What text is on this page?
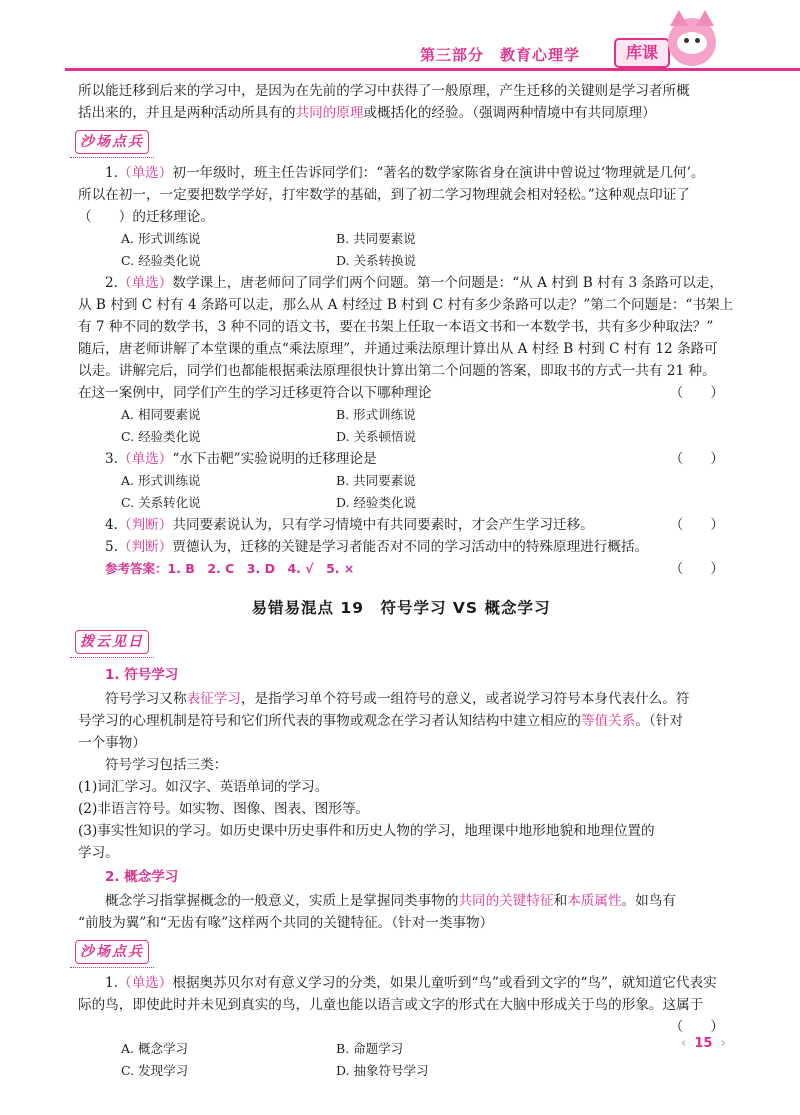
第三部分　教育心理学	库课

所以能迁移到后来的学习中，是因为在先前的学习中获得了一般原理，产生迁移的关键则是学习者所概

括出来的，并且是两种活动所具有的共同的原理或概括化的经验。（强调两种情境中有共同原理）

沙场点兵

1.（单选）初一年级时，班主任告诉同学们：“著名的数学家陈省身在演讲中曾说过‘物理就是几何’。

所以在初一，一定要把数学学好，打牢数学的基础，到了初二学习物理就会相对轻松。”这种观点印证了

（　　）的迁移理论。

A. 形式训练说	B. 共同要素说
C. 经验类化说	D. 关系转换说

2.（单选）数学课上，唐老师问了同学们两个问题。第一个问题是：“从 A 村到 B 村有 3 条路可以走，

从 B 村到 C 村有 4 条路可以走，那么从 A 村经过 B 村到 C 村有多少条路可以走？”第二个问题是：“书架上

有 7 种不同的数学书，3 种不同的语文书，要在书架上任取一本语文书和一本数学书，共有多少种取法？”

随后，唐老师讲解了本堂课的重点“乘法原理”，并通过乘法原理计算出从 A 村经 B 村到 C 村有 12 条路可

以走。讲解完后，同学们也都能根据乘法原理很快计算出第二个问题的答案，即取书的方式一共有 21 种。

在这一案例中，同学们产生的学习迁移更符合以下哪种理论	（　　）

A. 相同要素说	B. 形式训练说
C. 经验类化说	D. 关系顿悟说

3.（单选）“水下击靶”实验说明的迁移理论是	（　　）

A. 形式训练说	B. 共同要素说
C. 关系转化说	D. 经验类化说

4.（判断）共同要素说认为，只有学习情境中有共同要素时，才会产生学习迁移。	（　　）

5.（判断）贾德认为，迁移的关键是学习者能否对不同的学习活动中的特殊原理进行概括。
（　　）

参考答案：1. B　2. C　3. D　4. √　5. ×

易错易混点 19　符号学习 VS 概念学习
拨云见日
1. 符号学习

符号学习又称表征学习，是指学习单个符号或一组符号的意义，或者说学习符号本身代表什么。符

号学习的心理机制是符号和它们所代表的事物或观念在学习者认知结构中建立相应的等值关系。（针对

一个事物）

符号学习包括三类：

(1)词汇学习。如汉字、英语单词的学习。

(2)非语言符号。如实物、图像、图表、图形等。

(3)事实性知识的学习。如历史课中历史事件和历史人物的学习，地理课中地形地貌和地理位置的

学习。

2. 概念学习

概念学习指掌握概念的一般意义，实质上是掌握同类事物的共同的关键特征和本质属性。如鸟有

“前肢为翼”和“无齿有喙”这样两个共同的关键特征。（针对一类事物）

沙场点兵

1.（单选）根据奥苏贝尔对有意义学习的分类，如果儿童听到“鸟”或看到文字的“鸟”，就知道它代表实

际的鸟，即使此时并未见到真实的鸟，儿童也能以语言或文字的形式在大脑中形成关于鸟的形象。这属于

（　　）

A. 概念学习	B. 命题学习
C. 发现学习	D. 抽象符号学习
‹ 15 ›
